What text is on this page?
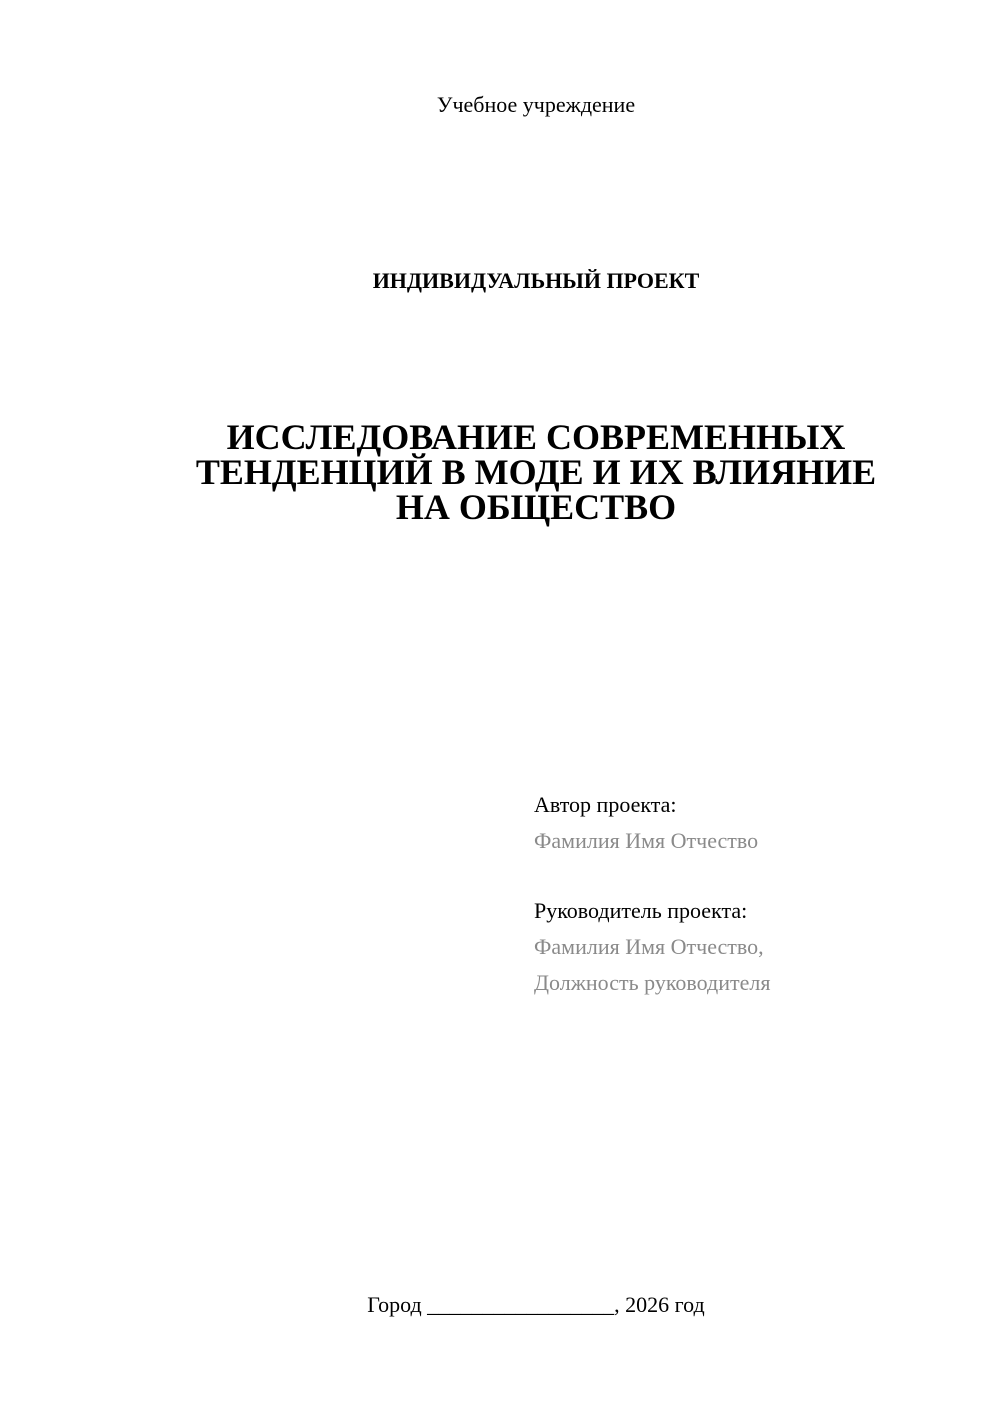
Учебное учреждение
ИНДИВИДУАЛЬНЫЙ ПРОЕКТ
ИССЛЕДОВАНИЕ СОВРЕМЕННЫХ
ТЕНДЕНЦИЙ В МОДЕ И ИХ ВЛИЯНИЕ
НА ОБЩЕСТВО
Автор проекта:
Фамилия Имя Отчество
Руководитель проекта:
Фамилия Имя Отчество,
Должность руководителя
Город _________________, 2026 год
